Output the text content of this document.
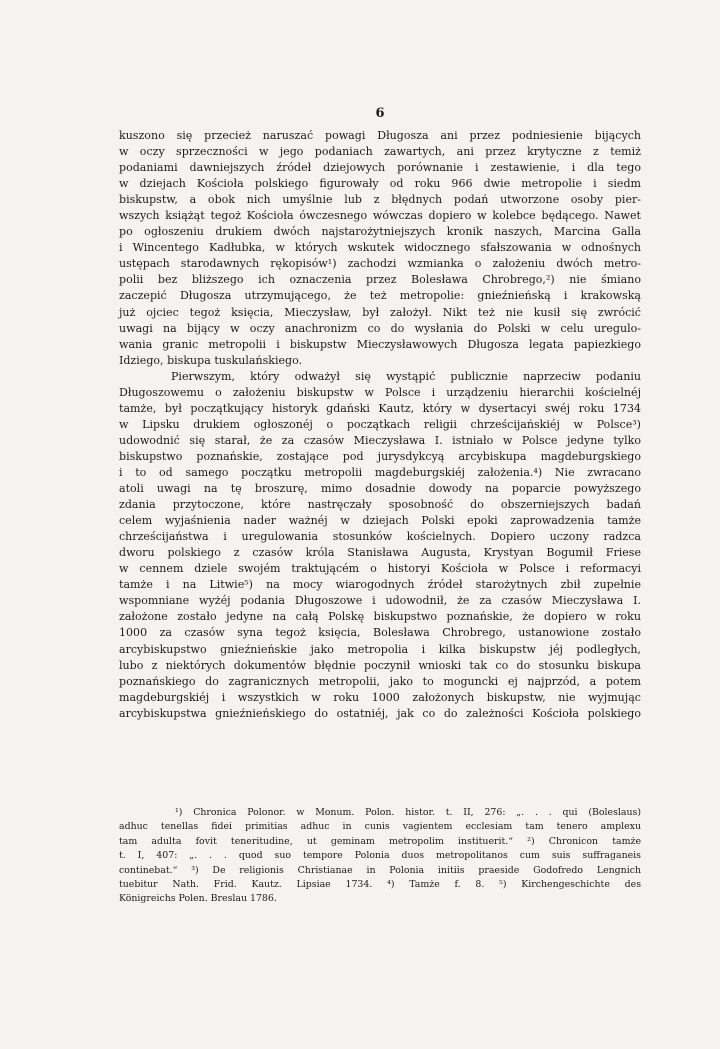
6
kuszono się przecież naruszać powagi Długosza ani przez podniesienie bijących
w oczy sprzeczności w jego podaniach zawartych, ani przez krytyczne z temiż
podaniami dawniejszych źródeł dziejowych porównanie i zestawienie, i dla tego
w dziejach Kościoła polskiego figurowały od roku 966 dwie metropolie i siedm
biskupstw, a obok nich umyślnie lub z błędnych podań utworzone osoby pier-
wszych książąt tegoż Kościoła ówczesnego wówczas dopiero w kolebce będącego. Nawet
po ogłoszeniu drukiem dwóch najstarożytniejszych kronik naszych, Marcina Galla
i Wincentego Kadłubka, w których wskutek widocznego sfałszowania w odnośnych
ustępach starodawnych rękopisów¹) zachodzi wzmianka o założeniu dwóch metro-
polii bez bliższego ich oznaczenia przez Bolesława Chrobrego,²) nie śmiano
zaczepić Długosza utrzymującego, że też metropolie: gnieźnieńską i krakowską
już ojciec tegoż księcia, Mieczysław, był założył. Nikt też nie kusił się zwrócić
uwagi na bijący w oczy anachronizm co do wysłania do Polski w celu uregulo-
wania granic metropolii i biskupstw Mieczysławowych Długosza legata papiezkiego
Idziego, biskupa tuskulańskiego.
Pierwszym, który odważył się wystąpić publicznie naprzeciw podaniu
Długoszowemu o założeniu biskupstw w Polsce i urządzeniu hierarchii kościelnéj
tamże, był początkujący historyk gdański Kautz, który w dysertacyi swéj roku 1734
w Lipsku drukiem ogłoszonéj o początkach religii chrześcijańskiéj w Polsce³)
udowodnić się starał, że za czasów Mieczysława I. istniało w Polsce jedyne tylko
biskupstwo poznańskie, zostające pod jurysdykcyą arcybiskupa magdeburgskiego
i to od samego początku metropolii magdeburgskiéj założenia.⁴) Nie zwracano
atoli uwagi na tę broszurę, mimo dosadnie dowody na poparcie powyższego
zdania przytoczone, które nastręczały sposobność do obszerniejszych badań
celem wyjaśnienia nader ważnéj w dziejach Polski epoki zaprowadzenia tamże
chrześcijaństwa i uregulowania stosunków kościelnych. Dopiero uczony radzca
dworu polskiego z czasów króla Stanisława Augusta, Krystyan Bogumił Friese
w cennem dziele swojém traktującém o historyi Kościoła w Polsce i reformacyi
tamże i na Litwie⁵) na mocy wiarogodnych źródeł starożytnych zbił zupełnie
wspomniane wyżéj podania Długoszowe i udowodnił, że za czasów Mieczysława I.
założone zostało jedyne na całą Polskę biskupstwo poznańskie, że dopiero w roku
1000 za czasów syna tegoż księcia, Bolesława Chrobrego, ustanowione zostało
arcybiskupstwo gnieźnieńskie jako metropolia i kilka biskupstw jéj podległych,
lubo z niektórych dokumentów błędnie poczynił wnioski tak co do stosunku biskupa
poznańskiego do zagranicznych metropolii, jako to moguncki ej najprzód, a potem
magdeburgskiéj i wszystkich w roku 1000 założonych biskupstw, nie wyjmując
arcybiskupstwa gnieźnieńskiego do ostatniéj, jak co do zależności Kościoła polskiego
¹) Chronica Polonor. w Monum. Polon. histor. t. II, 276: „. . . qui (Boleslaus)
adhuc tenellas fidei primitias adhuc in cunis vagientem ecclesiam tam tenero amplexu
tam adulta fovit teneritudine, ut geminam metropolim instituerit.“ ²) Chronicon tamże
t. I, 407: „. . . quod suo tempore Polonia duos metropolitanos cum suis suffraganeis
continebat.“ ³) De religionis Christianae in Polonia initiis praeside Godofredo Lengnich
tuebitur Nath. Frid. Kautz. Lipsiae 1734. ⁴) Tamże f. 8. ⁵) Kirchengeschichte des
Königreichs Polen. Breslau 1786.
